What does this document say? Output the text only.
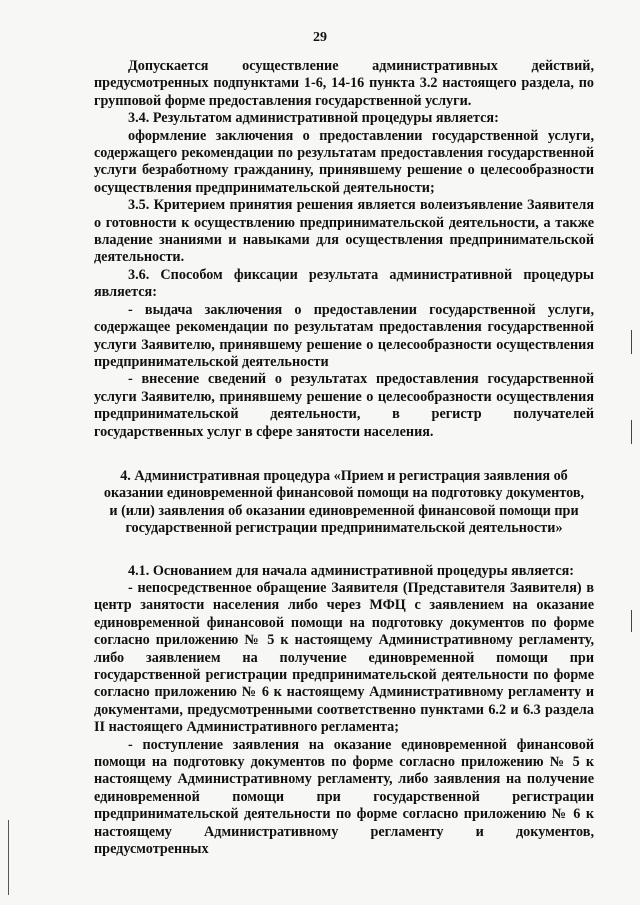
29

Допускается осуществление административных действий, предусмотренных подпунктами 1-6, 14-16 пункта 3.2 настоящего раздела, по групповой форме предоставления государственной услуги.

3.4. Результатом административной процедуры является:

оформление заключения о предоставлении государственной услуги, содержащего рекомендации по результатам предоставления государственной услуги безработному гражданину, принявшему решение о целесообразности осуществления предпринимательской деятельности;

3.5. Критерием принятия решения является волеизъявление Заявителя о готовности к осуществлению предпринимательской деятельности, а также владение знаниями и навыками для осуществления предпринимательской деятельности.

3.6. Способом фиксации результата административной процедуры является:

- выдача заключения о предоставлении государственной услуги, содержащее рекомендации по результатам предоставления государственной услуги Заявителю, принявшему решение о целесообразности осуществления предпринимательской деятельности

- внесение сведений о результатах предоставления государственной услуги Заявителю, принявшему решение о целесообразности осуществления предпринимательской деятельности, в регистр получателей государственных услуг в сфере занятости населения.

4. Административная процедура «Прием и регистрация заявления об оказании единовременной финансовой помощи на подготовку документов, и (или) заявления об оказании единовременной финансовой помощи при государственной регистрации предпринимательской деятельности»

4.1. Основанием для начала административной процедуры является:

- непосредственное обращение Заявителя (Представителя Заявителя) в центр занятости населения либо через МФЦ с заявлением на оказание единовременной финансовой помощи на подготовку документов по форме согласно приложению № 5 к настоящему Административному регламенту, либо заявлением на получение единовременной помощи при государственной регистрации предпринимательской деятельности по форме согласно приложению № 6 к настоящему Административному регламенту и документами, предусмотренными соответственно пунктами 6.2 и 6.3 раздела II настоящего Административного регламента;

- поступление заявления на оказание единовременной финансовой помощи на подготовку документов по форме согласно приложению № 5 к настоящему Административному регламенту, либо заявления на получение единовременной помощи при государственной регистрации предпринимательской деятельности по форме согласно приложению № 6 к настоящему Административному регламенту и документов, предусмотренных
